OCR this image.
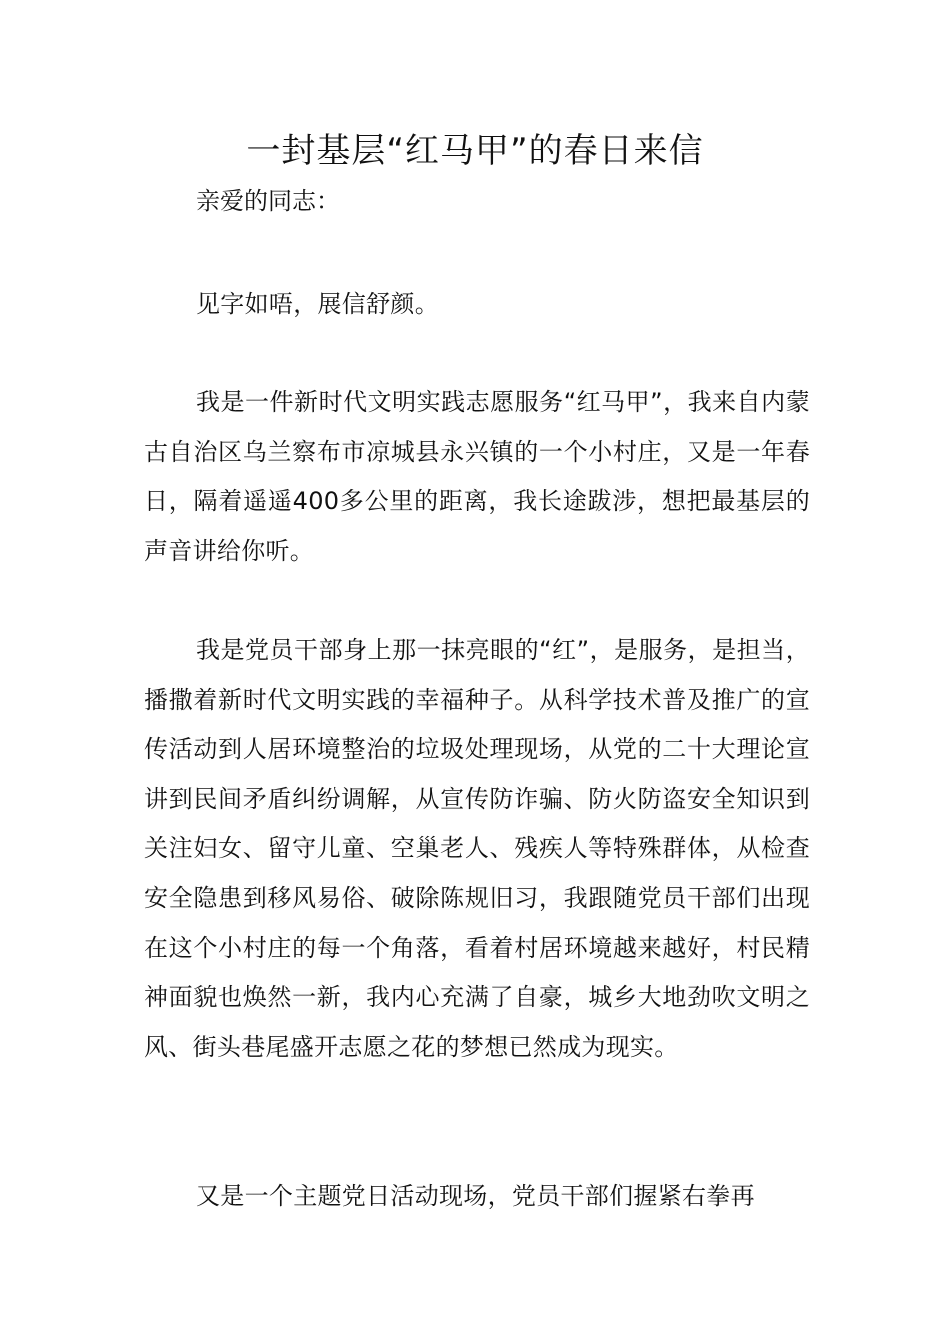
一封基层“红马甲”的春日来信
亲爱的同志：

见字如唔，展信舒颜。

我是一件新时代文明实践志愿服务“红马甲”，我来自内蒙古自治区乌兰察布市凉城县永兴镇的一个小村庄，又是一年春日，隔着遥遥400多公里的距离，我长途跋涉，想把最基层的声音讲给你听。

我是党员干部身上那一抹亮眼的“红”，是服务，是担当，播撒着新时代文明实践的幸福种子。从科学技术普及推广的宣传活动到人居环境整治的垃圾处理现场，从党的二十大理论宣讲到民间矛盾纠纷调解，从宣传防诈骗、防火防盗安全知识到关注妇女、留守儿童、空巢老人、残疾人等特殊群体，从检查安全隐患到移风易俗、破除陈规旧习，我跟随党员干部们出现在这个小村庄的每一个角落，看着村居环境越来越好，村民精神面貌也焕然一新，我内心充满了自豪，城乡大地劲吹文明之风、街头巷尾盛开志愿之花的梦想已然成为现实。

又是一个主题党日活动现场，党员干部们握紧右拳再
